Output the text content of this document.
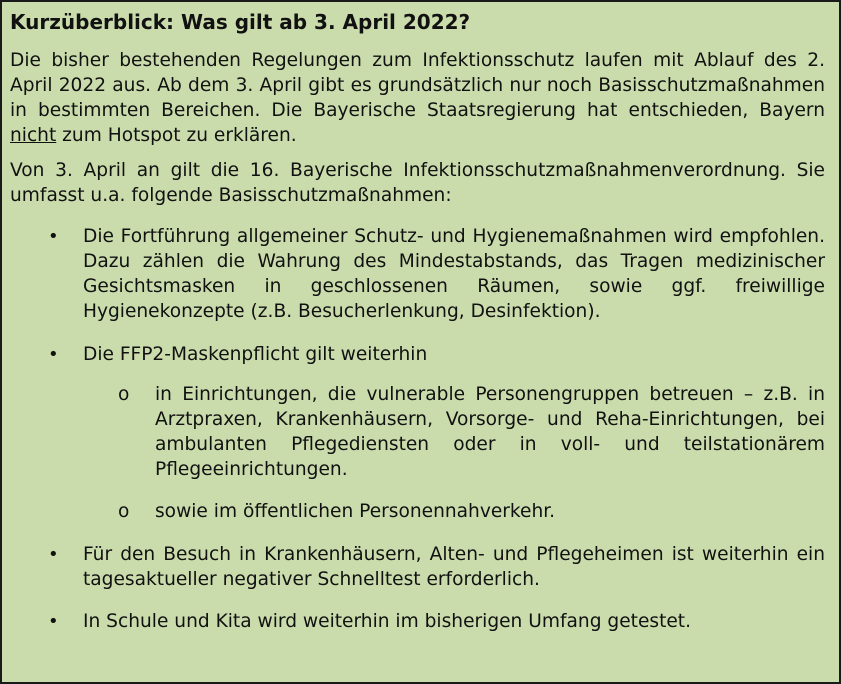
Kurzüberblick: Was gilt ab 3. April 2022?

Die bisher bestehenden Regelungen zum Infektionsschutz laufen mit Ablauf des 2. April 2022 aus. Ab dem 3. April gibt es grundsätzlich nur noch Basisschutzmaßnahmen in bestimmten Bereichen. Die Bayerische Staatsregierung hat entschieden, Bayern nicht zum Hotspot zu erklären.

Von 3. April an gilt die 16. Bayerische Infektionsschutzmaßnahmenverordnung. Sie umfasst u.a. folgende Basisschutzmaßnahmen:

• Die Fortführung allgemeiner Schutz- und Hygienemaßnahmen wird empfohlen. Dazu zählen die Wahrung des Mindestabstands, das Tragen medizinischer Gesichtsmasken in geschlossenen Räumen, sowie ggf. freiwillige Hygienekonzepte (z.B. Besucherlenkung, Desinfektion).
• Die FFP2-Maskenpflicht gilt weiterhin
o in Einrichtungen, die vulnerable Personengruppen betreuen – z.B. in Arztpraxen, Krankenhäusern, Vorsorge- und Reha-Einrichtungen, bei ambulanten Pflegediensten oder in voll- und teilstationärem Pflegeeinrichtungen.
o sowie im öffentlichen Personennahverkehr.
• Für den Besuch in Krankenhäusern, Alten- und Pflegeheimen ist weiterhin ein tagesaktueller negativer Schnelltest erforderlich.
• In Schule und Kita wird weiterhin im bisherigen Umfang getestet.
